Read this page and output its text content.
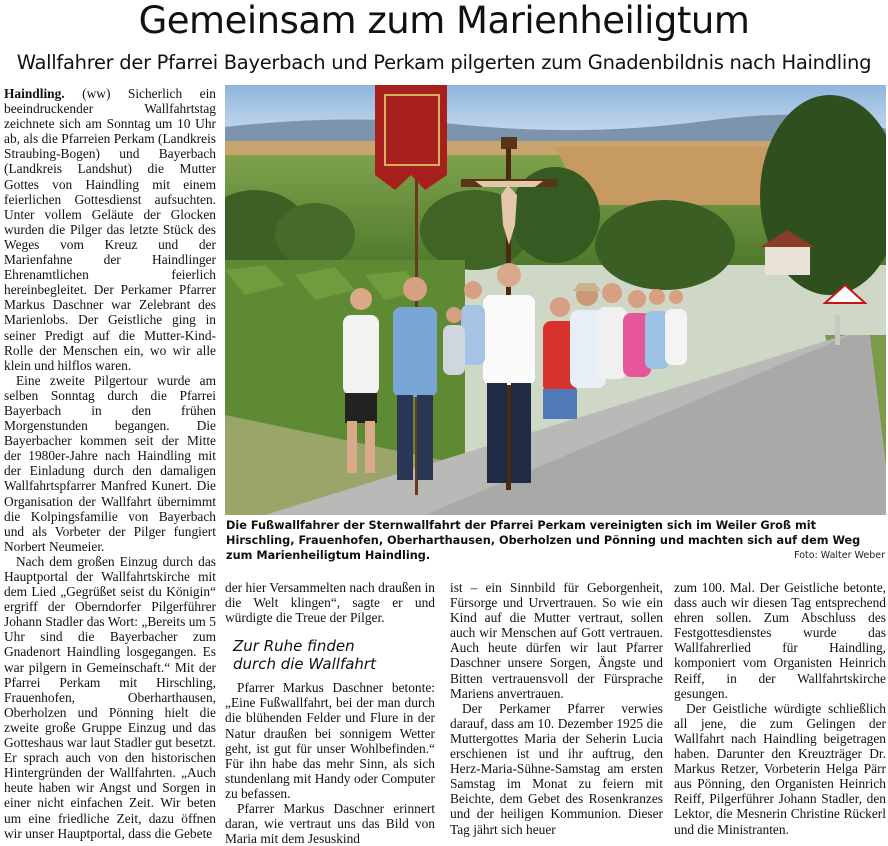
Gemeinsam zum Marienheiligtum
Wallfahrer der Pfarrei Bayerbach und Perkam pilgerten zum Gnadenbildnis nach Haindling

Haindling. (ww) Sicherlich ein beeindruckender Wallfahrtstag zeichnete sich am Sonntag um 10 Uhr ab, als die Pfarreien Perkam (Landkreis Straubing-Bogen) und Bayerbach (Landkreis Landshut) die Mutter Gottes von Haindling mit einem feierlichen Gottesdienst aufsuchten. Unter vollem Geläute der Glocken wurden die Pilger das letzte Stück des Weges vom Kreuz und der Marienfahne der Haindlinger Ehrenamtlichen feierlich hereinbegleitet. Der Perkamer Pfarrer Markus Daschner war Zelebrant des Marienlobs. Der Geistliche ging in seiner Predigt auf die Mutter-Kind-Rolle der Menschen ein, wo wir alle klein und hilflos waren.

Eine zweite Pilgertour wurde am selben Sonntag durch die Pfarrei Bayerbach in den frühen Morgenstunden begangen. Die Bayerbacher kommen seit der Mitte der 1980er-Jahre nach Haindling mit der Einladung durch den damaligen Wallfahrtspfarrer Manfred Kunert. Die Organisation der Wallfahrt übernimmt die Kolpingsfamilie von Bayerbach und als Vorbeter der Pilger fungiert Norbert Neumeier.

Nach dem großen Einzug durch das Hauptportal der Wallfahrtskirche mit dem Lied „Gegrüßet seist du Königin“ ergriff der Oberndorfer Pilgerführer Johann Stadler das Wort: „Bereits um 5 Uhr sind die Bayerbacher zum Gnadenort Haindling losgegangen. Es war pilgern in Gemeinschaft.“ Mit der Pfarrei Perkam mit Hirschling, Frauenhofen, Oberharthausen, Oberholzen und Pönning hielt die zweite große Gruppe Einzug und das Gotteshaus war laut Stadler gut besetzt. Er sprach auch von den historischen Hintergründen der Wallfahrten. „Auch heute haben wir Angst und Sorgen in einer nicht einfachen Zeit. Wir beten um eine friedliche Zeit, dazu öffnen wir unser Hauptportal, dass die Gebete

Die Fußwallfahrer der Sternwallfahrt der Pfarrei Perkam vereinigten sich im Weiler Groß mit Hirschling, Frauenhofen, Oberharthausen, Oberholzen und Pönning und machten sich auf dem Weg zum Marienheiligtum Haindling.	Foto: Walter Weber

der hier Versammelten nach draußen in die Welt klingen“, sagte er und würdigte die Treue der Pilger.

Zur Ruhe finden
durch die Wallfahrt

Pfarrer Markus Daschner betonte: „Eine Fußwallfahrt, bei der man durch die blühenden Felder und Flure in der Natur draußen bei sonnigem Wetter geht, ist gut für unser Wohlbefinden.“ Für ihn habe das mehr Sinn, als sich stundenlang mit Handy oder Computer zu befassen.

Pfarrer Markus Daschner erinnert daran, wie vertraut uns das Bild von Maria mit dem Jesuskind

ist – ein Sinnbild für Geborgenheit, Fürsorge und Urvertrauen. So wie ein Kind auf die Mutter vertraut, sollen auch wir Menschen auf Gott vertrauen. Auch heute dürfen wir laut Pfarrer Daschner unsere Sorgen, Ängste und Bitten vertrauensvoll der Fürsprache Mariens anvertrauen.

Der Perkamer Pfarrer verwies darauf, dass am 10. Dezember 1925 die Muttergottes Maria der Seherin Lucia erschienen ist und ihr auftrug, den Herz-Maria-Sühne-Samstag am ersten Samstag im Monat zu feiern mit Beichte, dem Gebet des Rosenkranzes und der heiligen Kommunion. Dieser Tag jährt sich heuer

zum 100. Mal. Der Geistliche betonte, dass auch wir diesen Tag entsprechend ehren sollen. Zum Abschluss des Festgottesdienstes wurde das Wallfahrerlied für Haindling, komponiert vom Organisten Heinrich Reiff, in der Wallfahrtskirche gesungen.

Der Geistliche würdigte schließlich all jene, die zum Gelingen der Wallfahrt nach Haindling beigetragen haben. Darunter den Kreuzträger Dr. Markus Retzer, Vorbeterin Helga Pärr aus Pönning, den Organisten Heinrich Reiff, Pilgerführer Johann Stadler, den Lektor, die Mesnerin Christine Rückerl und die Ministranten.
